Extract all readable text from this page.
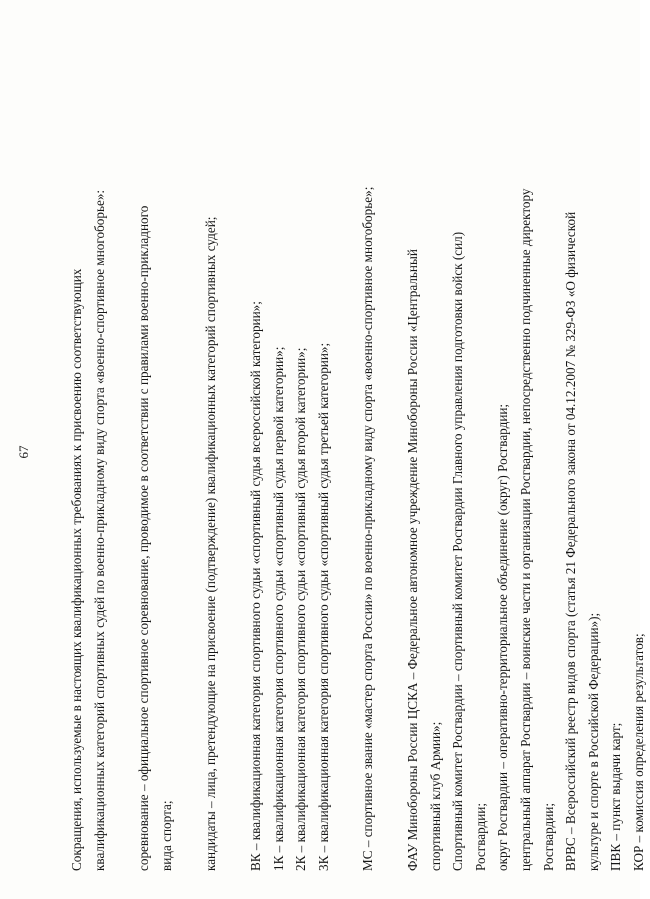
67	Сокращения, используемые в настоящих квалификационных требованиях к присвоению соответствующих квалификационных категорий спортивных судей по военно-прикладному виду спорта «военно-спортивное многоборье»:	соревнование – официальное спортивное соревнование, проводимое в соответствии с правилами военно-прикладного вида спорта;	кандидаты – лица, претендующие на присвоение (подтверждение) квалификационных категорий спортивных судей;	ВК – квалификационная категория спортивного судьи «спортивный судья всероссийской категории»; 1К – квалификационная категория спортивного судьи «спортивный судья первой категории»; 2К – квалификационная категория спортивного судьи «спортивный судья второй категории»; 3К – квалификационная категория спортивного судьи «спортивный судья третьей категории»;	МС – спортивное звание «мастер спорта России» по военно-прикладному виду спорта «военно-спортивное многоборье»;	ФАУ Минобороны России ЦСКА – Федеральное автономное учреждение Минобороны России «Центральный спортивный клуб Армии»; Спортивный комитет Росгвардии – спортивный комитет Росгвардии Главного управления подготовки войск (сил) Росгвардии; округ Росгвардии – оперативно-территориальное объединение (округ) Росгвардии; центральный аппарат Росгвардии – воинские части и организации Росгвардии, непосредственно подчиненные директору Росгвардии; ВРВС – Всероссийский реестр видов спорта (статья 21 Федерального закона от 04.12.2007 № 329-ФЗ «О физической культуре и спорте в Российской Федерации»); ПВК – пункт выдачи карт; КОР – комиссия определения результатов;
